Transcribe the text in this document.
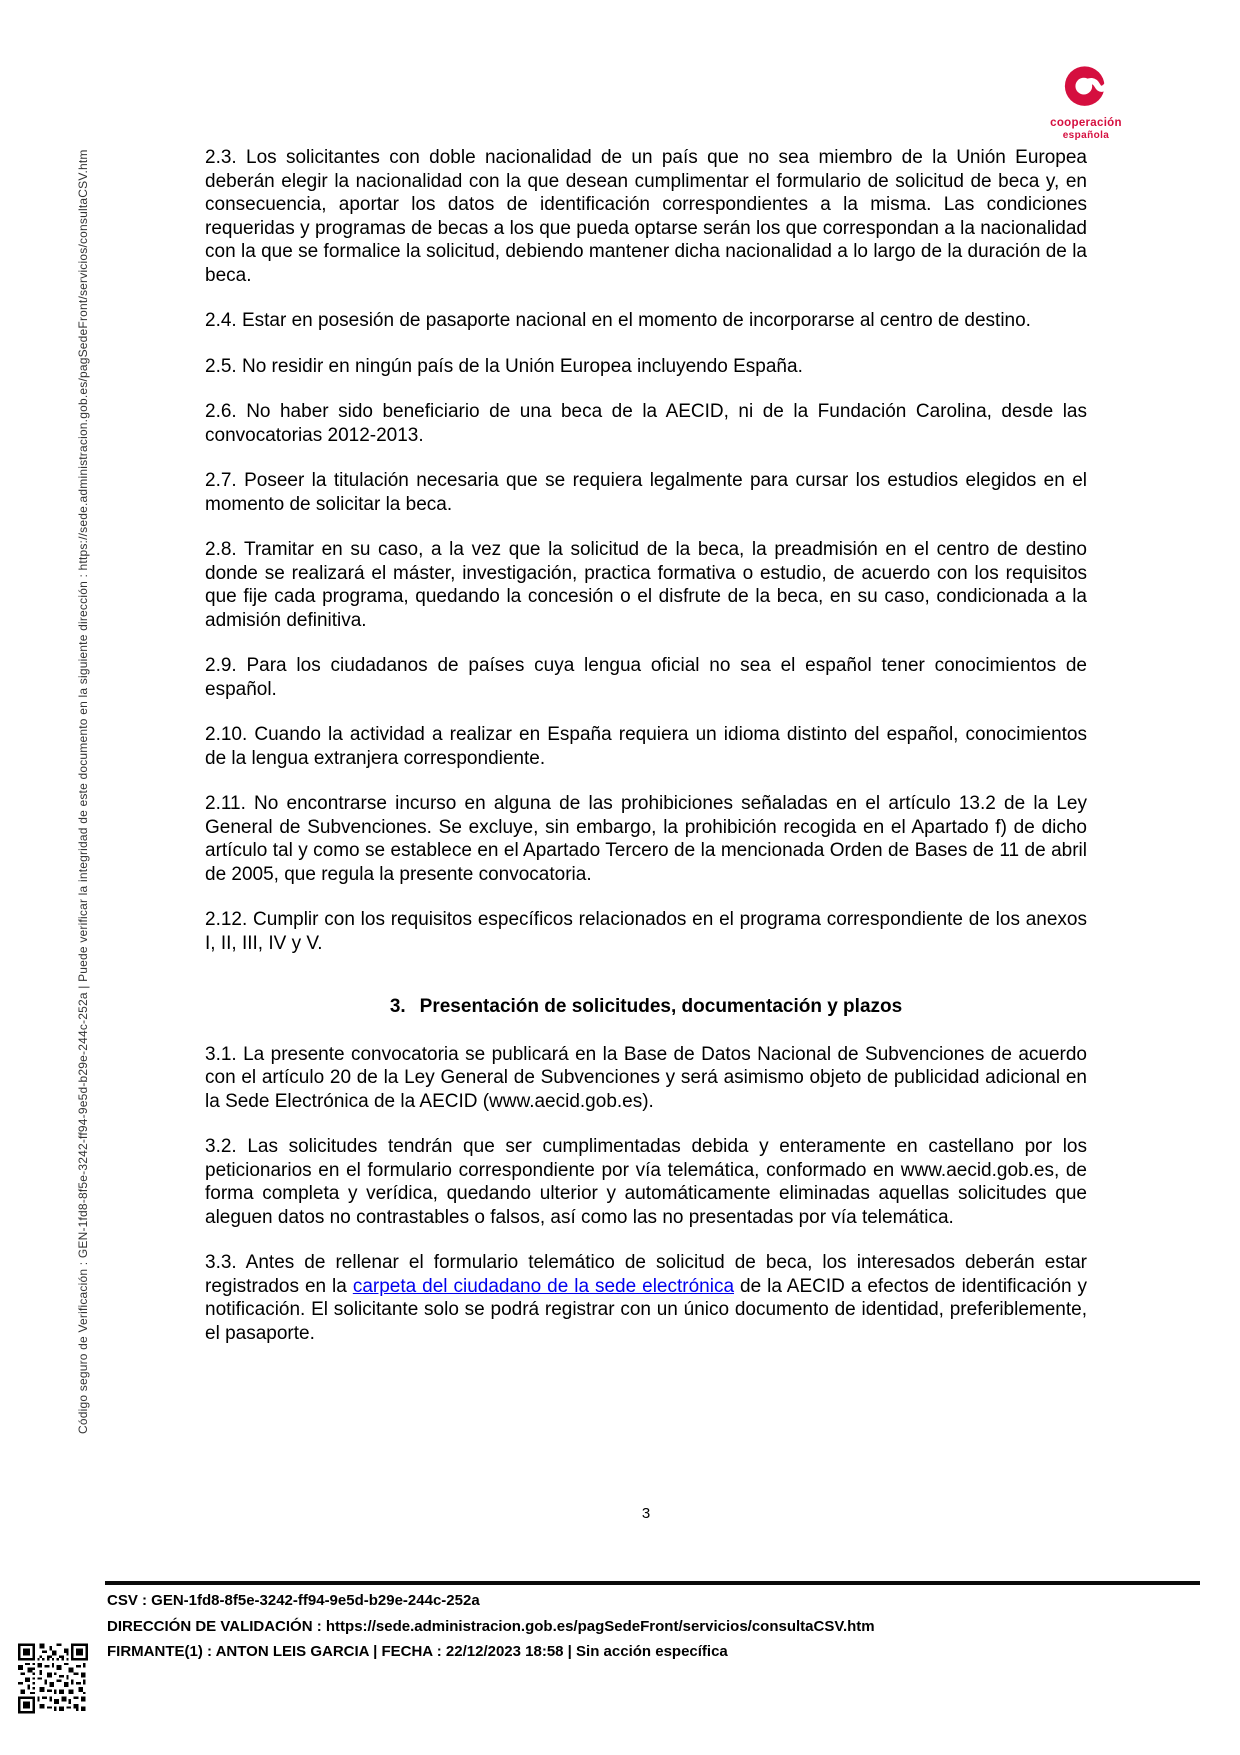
Código seguro de Verificación : GEN-1fd8-8f5e-3242-ff94-9e5d-b29e-244c-252a | Puede verificar la integridad de este documento en la siguiente dirección : https://sede.administracion.gob.es/pagSedeFront/servicios/consultaCSV.htm
cooperación
española

2.3. Los solicitantes con doble nacionalidad de un país que no sea miembro de la Unión Europea deberán elegir la nacionalidad con la que desean cumplimentar el formulario de solicitud de beca y, en consecuencia, aportar los datos de identificación correspondientes a la misma. Las condiciones requeridas y programas de becas a los que pueda optarse serán los que correspondan a la nacionalidad con la que se formalice la solicitud, debiendo mantener dicha nacionalidad a lo largo de la duración de la beca.

2.4. Estar en posesión de pasaporte nacional en el momento de incorporarse al centro de destino.

2.5. No residir en ningún país de la Unión Europea incluyendo España.

2.6. No haber sido beneficiario de una beca de la AECID, ni de la Fundación Carolina, desde las convocatorias 2012-2013.

2.7. Poseer la titulación necesaria que se requiera legalmente para cursar los estudios elegidos en el momento de solicitar la beca.

2.8. Tramitar en su caso, a la vez que la solicitud de la beca, la preadmisión en el centro de destino donde se realizará el máster, investigación, practica formativa o estudio, de acuerdo con los requisitos que fije cada programa, quedando la concesión o el disfrute de la beca, en su caso, condicionada a la admisión definitiva.

2.9. Para los ciudadanos de países cuya lengua oficial no sea el español tener conocimientos de español.

2.10. Cuando la actividad a realizar en España requiera un idioma distinto del español, conocimientos de la lengua extranjera correspondiente.

2.11. No encontrarse incurso en alguna de las prohibiciones señaladas en el artículo 13.2 de la Ley General de Subvenciones. Se excluye, sin embargo, la prohibición recogida en el Apartado f) de dicho artículo tal y como se establece en el Apartado Tercero de la mencionada Orden de Bases de 11 de abril de 2005, que regula la presente convocatoria.

2.12. Cumplir con los requisitos específicos relacionados en el programa correspondiente de los anexos I, II, III, IV y V.

3. Presentación de solicitudes, documentación y plazos

3.1. La presente convocatoria se publicará en la Base de Datos Nacional de Subvenciones de acuerdo con el artículo 20 de la Ley General de Subvenciones y será asimismo objeto de publicidad adicional en la Sede Electrónica de la AECID (www.aecid.gob.es).

3.2. Las solicitudes tendrán que ser cumplimentadas debida y enteramente en castellano por los peticionarios en el formulario correspondiente por vía telemática, conformado en www.aecid.gob.es, de forma completa y verídica, quedando ulterior y automáticamente eliminadas aquellas solicitudes que aleguen datos no contrastables o falsos, así como las no presentadas por vía telemática.

3.3. Antes de rellenar el formulario telemático de solicitud de beca, los interesados deberán estar registrados en la carpeta del ciudadano de la sede electrónica de la AECID a efectos de identificación y notificación. El solicitante solo se podrá registrar con un único documento de identidad, preferiblemente, el pasaporte.

3

CSV : GEN-1fd8-8f5e-3242-ff94-9e5d-b29e-244c-252a

DIRECCIÓN DE VALIDACIÓN : https://sede.administracion.gob.es/pagSedeFront/servicios/consultaCSV.htm

FIRMANTE(1) : ANTON LEIS GARCIA | FECHA : 22/12/2023 18:58 | Sin acción específica
